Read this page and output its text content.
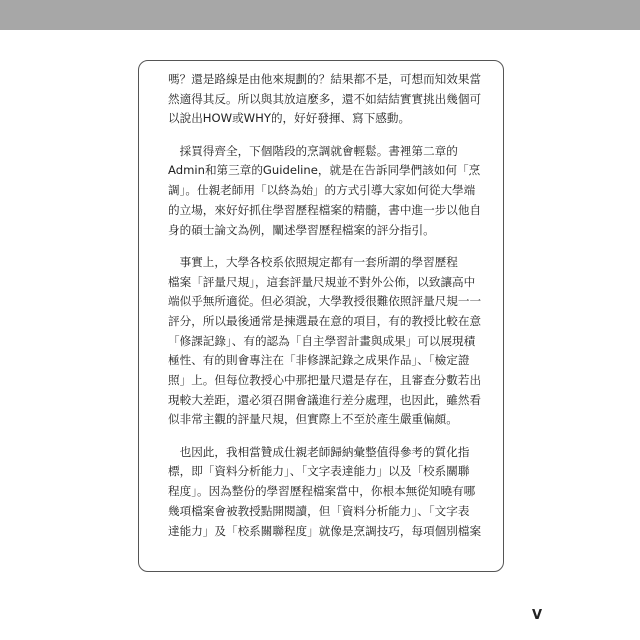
嗎？還是路線是由他來規劃的？結果都不是，可想而知效果當
然適得其反。所以與其放這麼多，還不如結結實實挑出幾個可
以說出HOW或WHY的，好好發揮、寫下感動。

　採買得齊全，下個階段的烹調就會輕鬆。書裡第二章的
Admin和第三章的Guideline，就是在告訴同學們該如何「烹
調」。仕親老師用「以終為始」的方式引導大家如何從大學端
的立場，來好好抓住學習歷程檔案的精髓，書中進一步以他自
身的碩士論文為例，闡述學習歷程檔案的評分指引。

　事實上，大學各校系依照規定都有一套所謂的學習歷程
檔案「評量尺規」，這套評量尺規並不對外公佈，以致讓高中
端似乎無所適從。但必須說，大學教授很難依照評量尺規一一
評分，所以最後通常是揀選最在意的項目，有的教授比較在意
「修課記錄」、有的認為「自主學習計畫與成果」可以展現積
極性、有的則會專注在「非修課記錄之成果作品」、「檢定證
照」上。但每位教授心中那把量尺還是存在，且審查分數若出
現較大差距，還必須召開會議進行差分處理，也因此，雖然看
似非常主觀的評量尺規，但實際上不至於產生嚴重偏頗。

　也因此，我相當贊成仕親老師歸納彙整值得參考的質化指
標，即「資料分析能力」、「文字表達能力」以及「校系關聯
程度」。因為整份的學習歷程檔案當中，你根本無從知曉有哪
幾項檔案會被教授點開閱讀，但「資料分析能力」、「文字表
達能力」及「校系關聯程度」就像是烹調技巧，每項個別檔案

V
